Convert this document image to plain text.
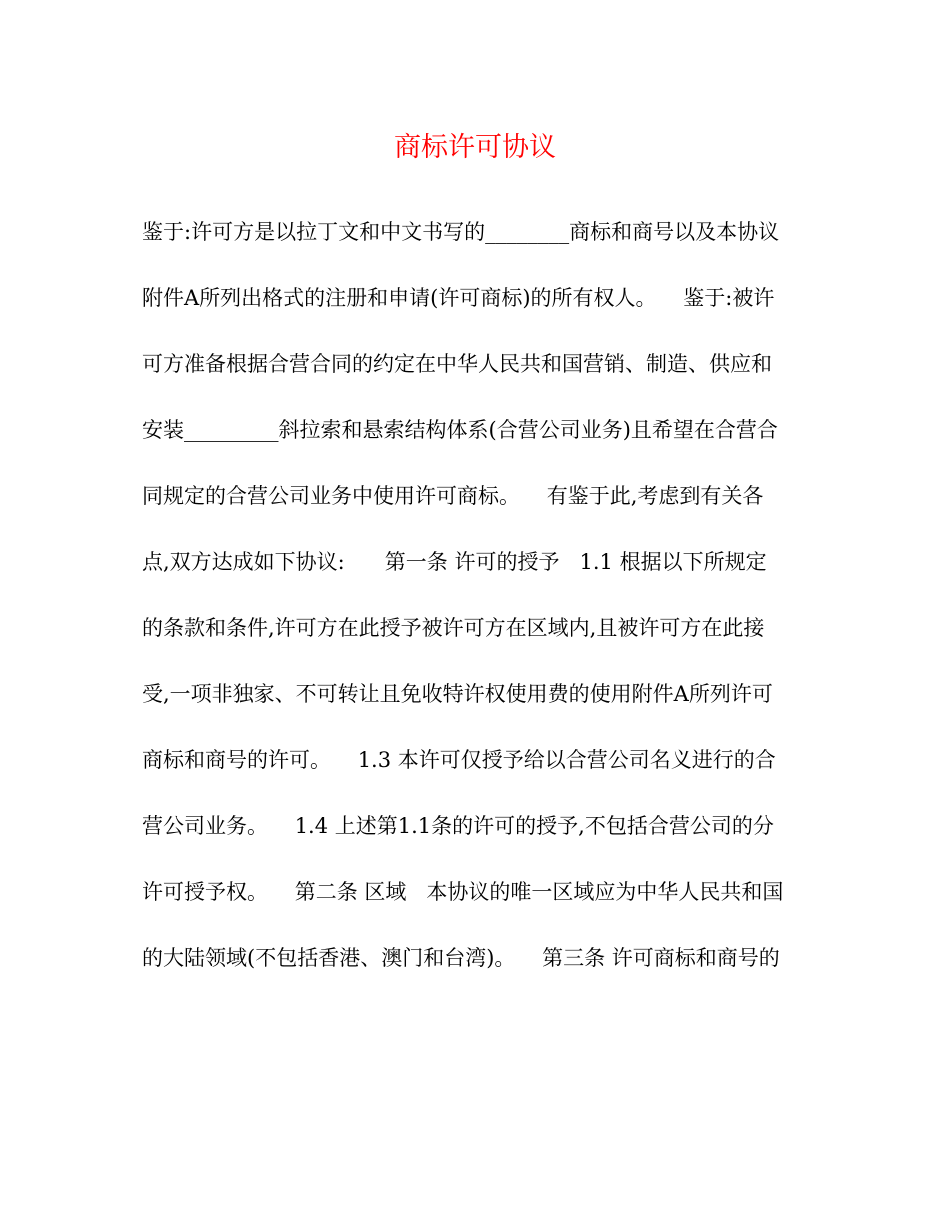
商标许可协议
鉴于:许可方是以拉丁文和中文书写的________商标和商号以及本协议
附件A所列出格式的注册和申请(许可商标)的所有权人。    鉴于:被许
可方准备根据合营合同的约定在中华人民共和国营销、制造、供应和
安装_________斜拉索和悬索结构体系(合营公司业务)且希望在合营合
同规定的合营公司业务中使用许可商标。    有鉴于此,考虑到有关各
点,双方达成如下协议:      第一条 许可的授予   1.1 根据以下所规定
的条款和条件,许可方在此授予被许可方在区域内,且被许可方在此接
受,一项非独家、不可转让且免收特许权使用费的使用附件A所列许可
商标和商号的许可。    1.3 本许可仅授予给以合营公司名义进行的合
营公司业务。    1.4 上述第1.1条的许可的授予,不包括合营公司的分
许可授予权。    第二条 区域   本协议的唯一区域应为中华人民共和国
的大陆领域(不包括香港、澳门和台湾)。    第三条 许可商标和商号的
